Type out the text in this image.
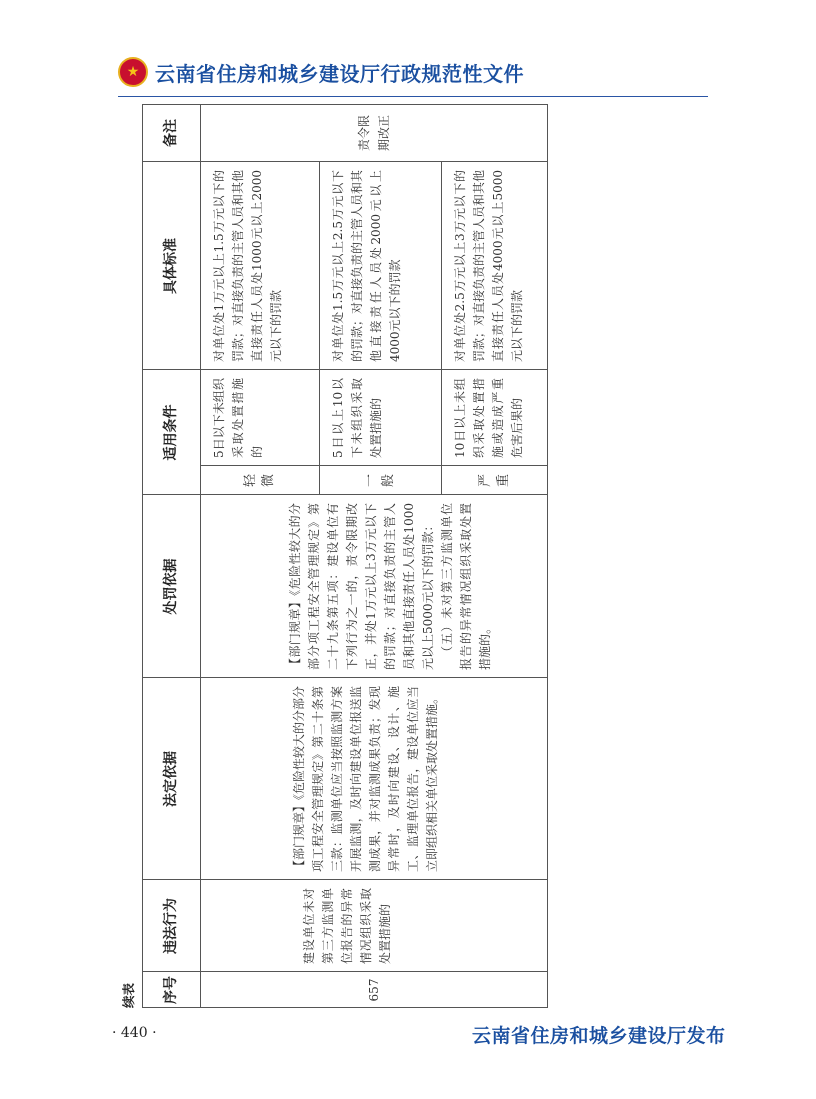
★ 云南省住房和城乡建设厅行政规范性文件
续表	序号
违法行为
法定依据
处罚依据
适用条件
具体标准
备注
657
建设单位未对第三方监测单位报告的异常情况组织采取处置措施的
【部门规章】《危险性较大的分部分项工程安全管理规定》第二十条第三款：监测单位应当按照监测方案开展监测，及时向建设单位报送监测成果，并对监测成果负责；发现异常时，及时向建设、设计、施工、监理单位报告，建设单位应当立即组织相关单位采取处置措施。
【部门规章】《危险性较大的分部分项工程安全管理规定》第二十九条第五项：建设单位有下列行为之一的，责令限期改正，并处1万元以上3万元以下的罚款；对直接负责的主管人员和其他直接责任人员处1000元以上5000元以下的罚款： （五）未对第三方监测单位报告的异常情况组织采取处置措施的。
轻微
5日以下未组织采取处置措施的
对单位处1万元以上1.5万元以下的罚款；对直接负责的主管人员和其他直接责任人员处1000元以上2000元以下的罚款
一般
5日以上10以下未组织采取处置措施的
对单位处1.5万元以上2.5万元以下的罚款；对直接负责的主管人员和其他直接责任人员处2000元以上4000元以下的罚款
严重
10日以上未组织采取处置措施或造成严重危害后果的
对单位处2.5万元以上3万元以下的罚款；对直接负责的主管人员和其他直接责任人员处4000元以上5000元以下的罚款
责令限期改正
· 440 ·	云南省住房和城乡建设厅发布
